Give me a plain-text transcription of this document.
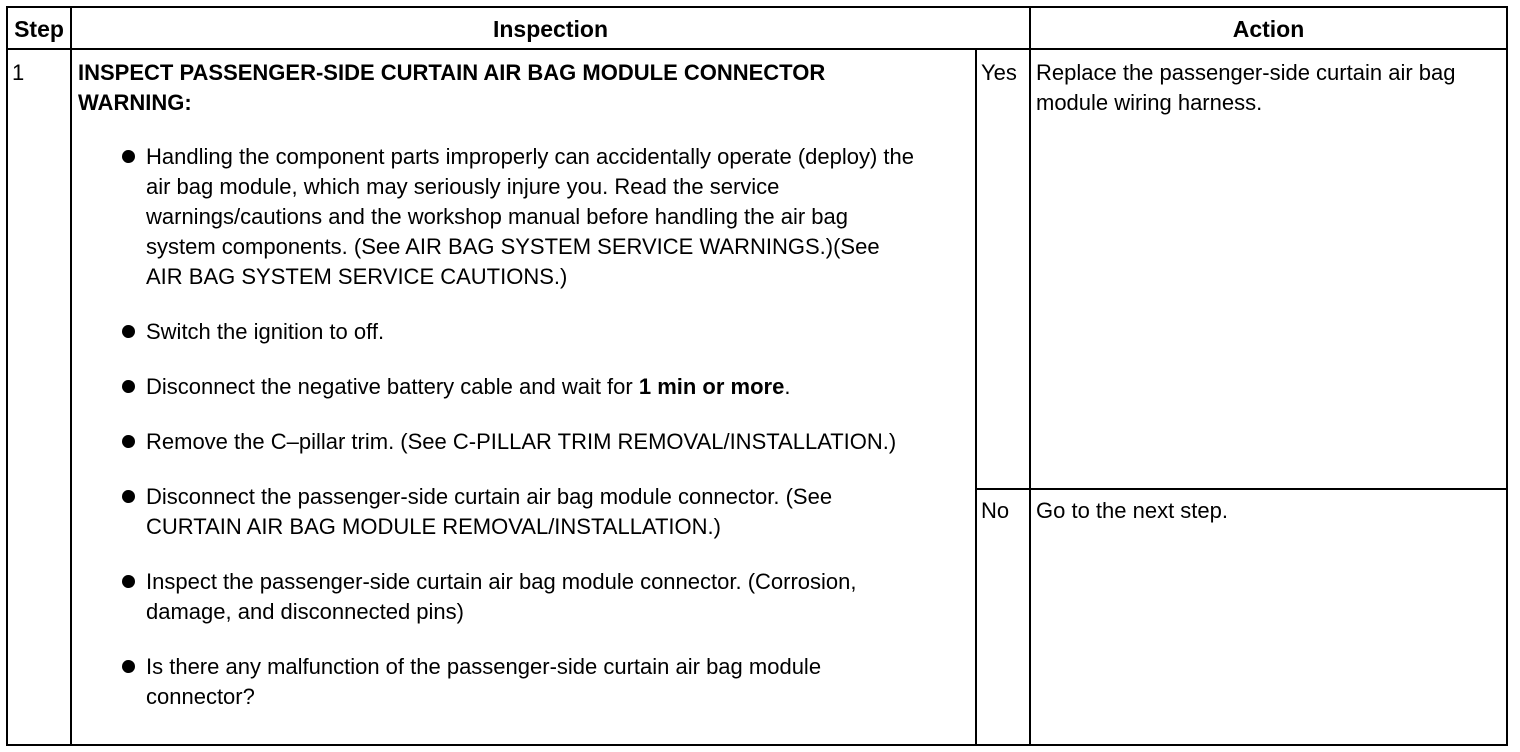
Step	Inspection	Action
1 INSPECT PASSENGER-SIDE CURTAIN AIR BAG MODULE CONNECTOR
WARNING:
Handling the component parts improperly can accidentally operate (deploy) the air bag module, which may seriously injure you. Read the service warnings/cautions and the workshop manual before handling the air bag system components. (See AIR BAG SYSTEM SERVICE WARNINGS.)(See AIR BAG SYSTEM SERVICE CAUTIONS.)
Switch the ignition to off.
Disconnect the negative battery cable and wait for 1 min or more.
Remove the C–pillar trim. (See C-PILLAR TRIM REMOVAL/INSTALLATION.)
Disconnect the passenger-side curtain air bag module connector. (See CURTAIN AIR BAG MODULE REMOVAL/INSTALLATION.)
Inspect the passenger-side curtain air bag module connector. (Corrosion, damage, and disconnected pins)
Is there any malfunction of the passenger-side curtain air bag module connector?
Yes Replace the passenger-side curtain air bag module wiring harness.
No Go to the next step.
